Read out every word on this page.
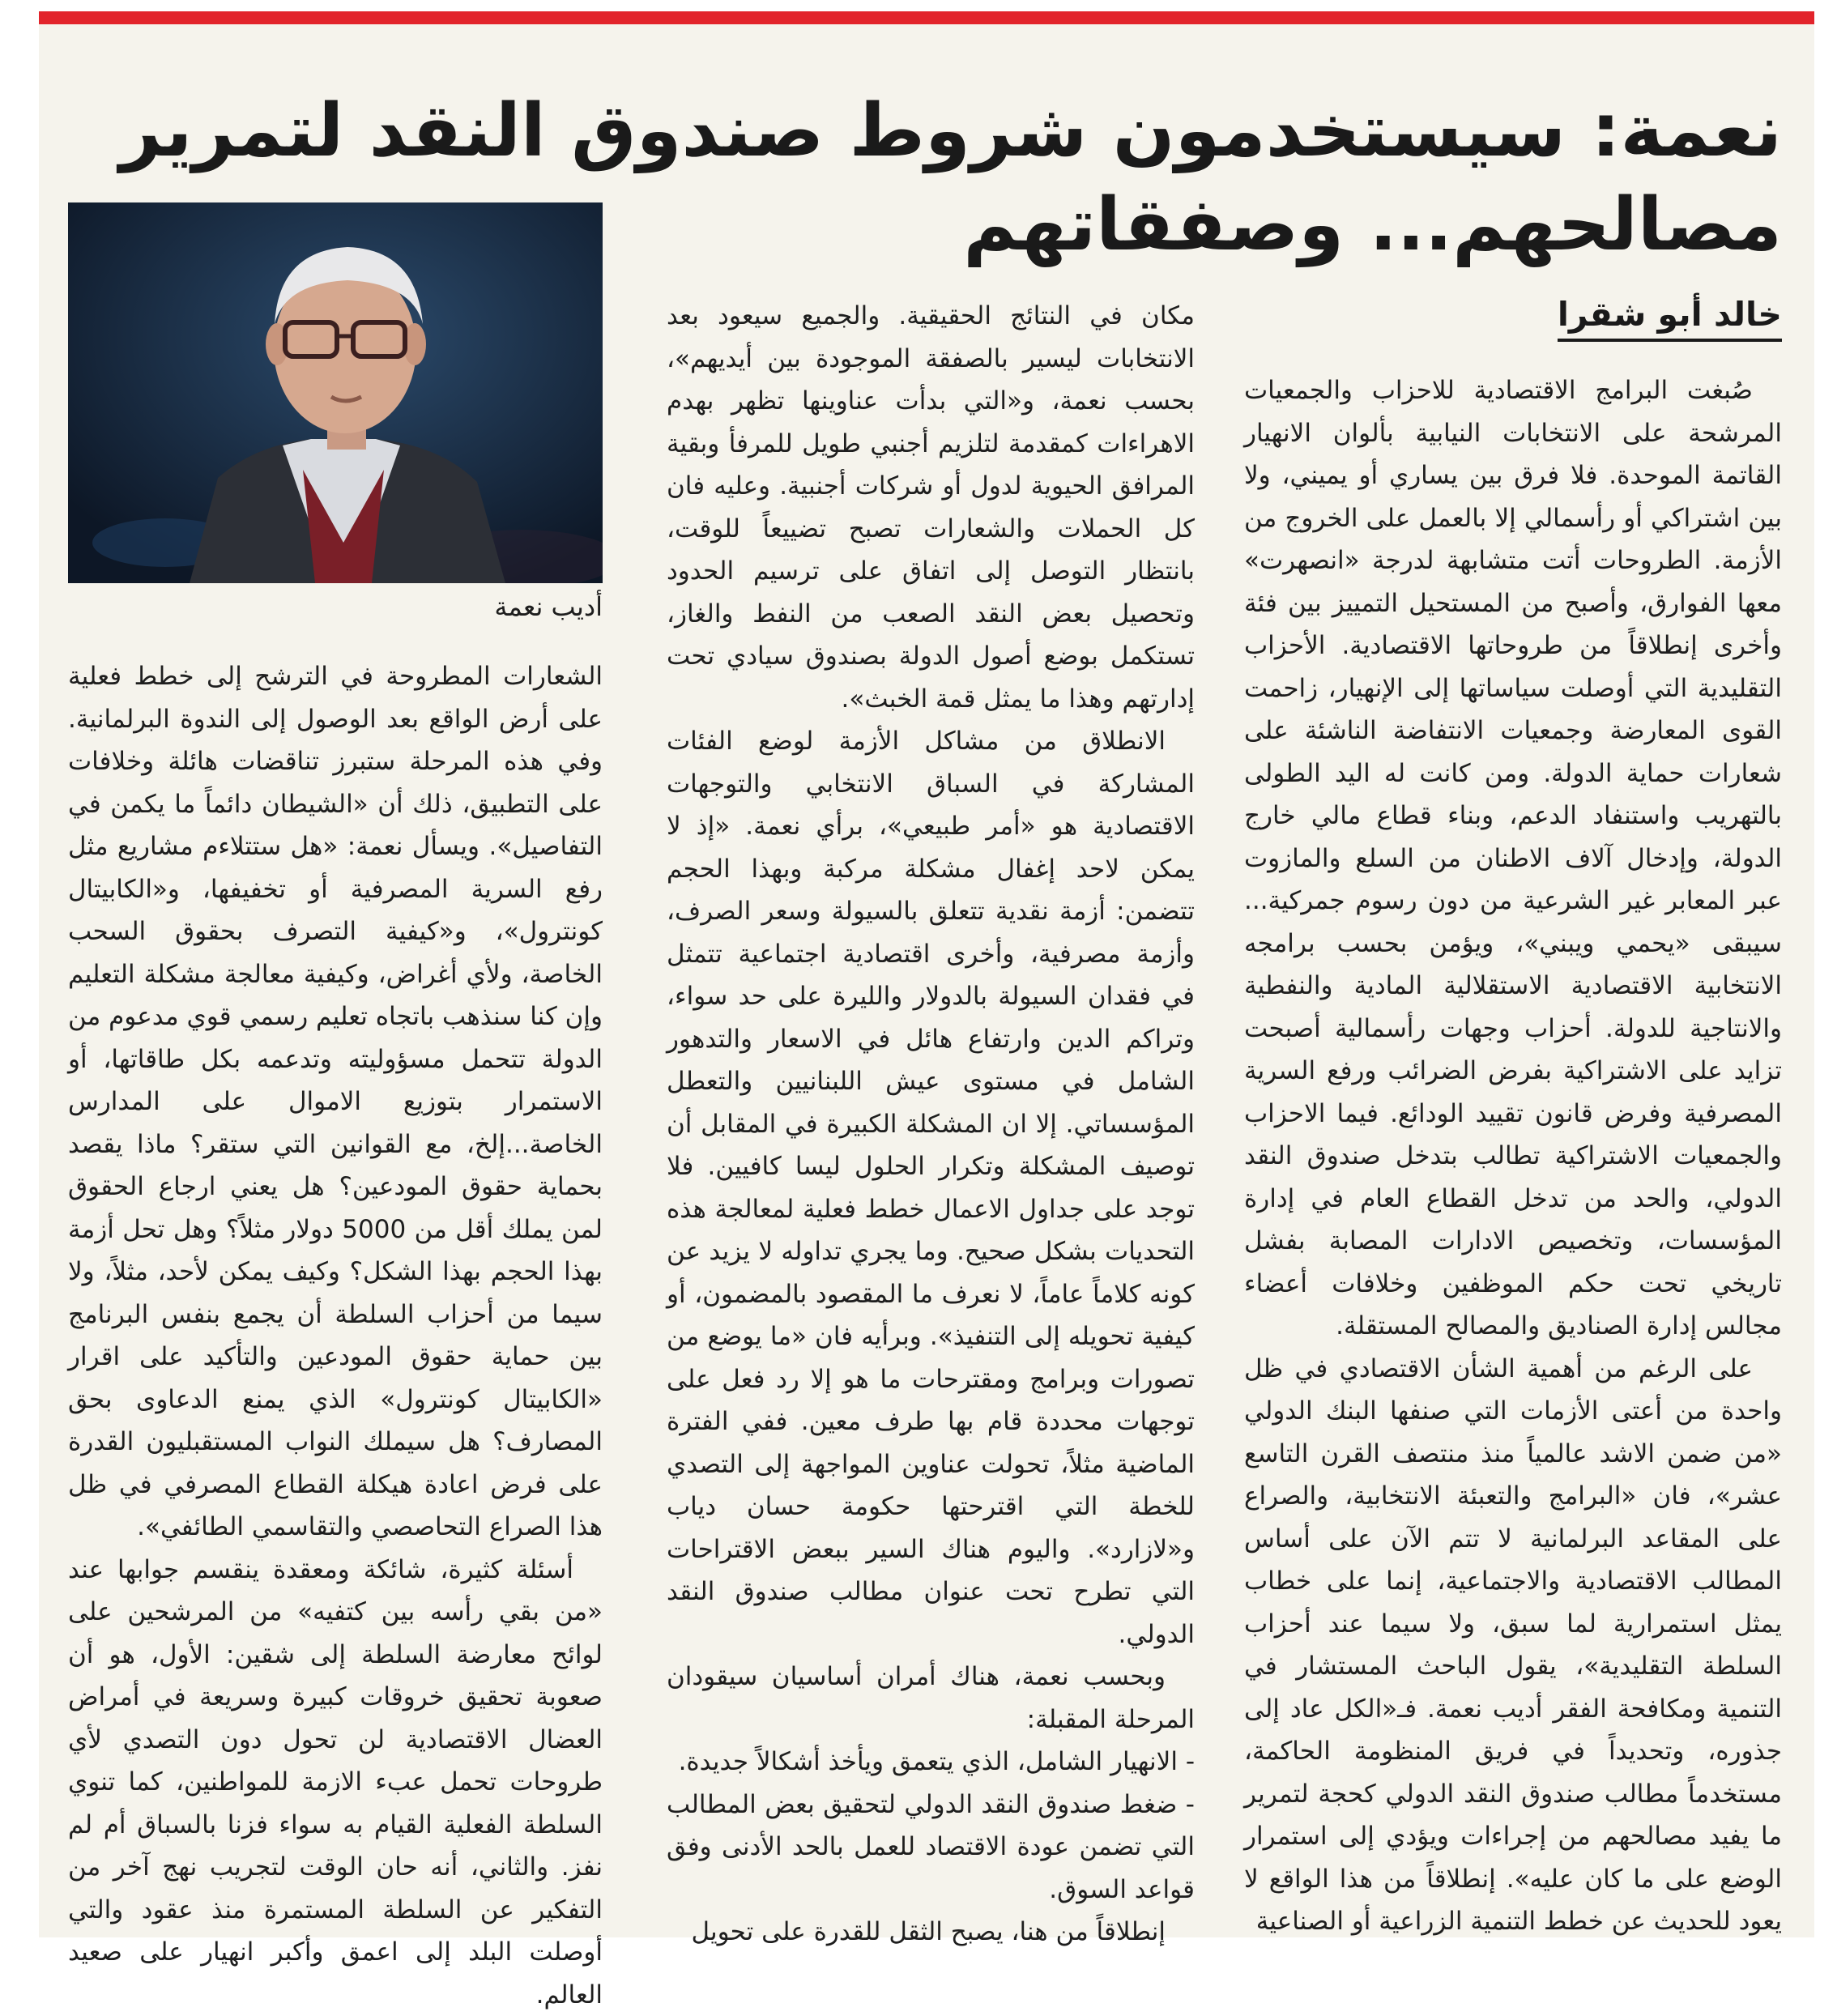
نعمة: سيستخدمون شروط صندوق النقد لتمرير مصالحهم... وصفقاتهم
خالد أبو شقرا
أديب نعمة

صُبغت البرامج الاقتصادية للاحزاب والجمعيات المرشحة على الانتخابات النيابية بألوان الانهيار القاتمة الموحدة. فلا فرق بين يساري أو يميني، ولا بين اشتراكي أو رأسمالي إلا بالعمل على الخروج من الأزمة. الطروحات أتت متشابهة لدرجة «انصهرت» معها الفوارق، وأصبح من المستحيل التمييز بين فئة وأخرى إنطلاقاً من طروحاتها الاقتصادية. الأحزاب التقليدية التي أوصلت سياساتها إلى الإنهيار، زاحمت القوى المعارضة وجمعيات الانتفاضة الناشئة على شعارات حماية الدولة. ومن كانت له اليد الطولى بالتهريب واستنفاد الدعم، وبناء قطاع مالي خارج الدولة، وإدخال آلاف الاطنان من السلع والمازوت عبر المعابر غير الشرعية من دون رسوم جمركية... سيبقى «يحمي ويبني»، ويؤمن بحسب برامجه الانتخابية الاقتصادية الاستقلالية المادية والنفطية والانتاجية للدولة. أحزاب وجهات رأسمالية أصبحت تزايد على الاشتراكية بفرض الضرائب ورفع السرية المصرفية وفرض قانون تقييد الودائع. فيما الاحزاب والجمعيات الاشتراكية تطالب بتدخل صندوق النقد الدولي، والحد من تدخل القطاع العام في إدارة المؤسسات، وتخصيص الادارات المصابة بفشل تاريخي تحت حكم الموظفين وخلافات أعضاء مجالس إدارة الصناديق والمصالح المستقلة.

على الرغم من أهمية الشأن الاقتصادي في ظل واحدة من أعتى الأزمات التي صنفها البنك الدولي «من ضمن الاشد عالمياً منذ منتصف القرن التاسع عشر»، فان «البرامج والتعبئة الانتخابية، والصراع على المقاعد البرلمانية لا تتم الآن على أساس المطالب الاقتصادية والاجتماعية، إنما على خطاب يمثل استمرارية لما سبق، ولا سيما عند أحزاب السلطة التقليدية»، يقول الباحث المستشار في التنمية ومكافحة الفقر أديب نعمة. فـ«الكل عاد إلى جذوره، وتحديداً في فريق المنظومة الحاكمة، مستخدماً مطالب صندوق النقد الدولي كحجة لتمرير ما يفيد مصالحهم من إجراءات ويؤدي إلى استمرار الوضع على ما كان عليه». إنطلاقاً من هذا الواقع لا يعود للحديث عن خطط التنمية الزراعية أو الصناعية

مكان في النتائج الحقيقية. والجميع سيعود بعد الانتخابات ليسير بالصفقة الموجودة بين أيديهم»، بحسب نعمة، و«التي بدأت عناوينها تظهر بهدم الاهراءات كمقدمة لتلزيم أجنبي طويل للمرفأ وبقية المرافق الحيوية لدول أو شركات أجنبية. وعليه فان كل الحملات والشعارات تصبح تضييعاً للوقت، بانتظار التوصل إلى اتفاق على ترسيم الحدود وتحصيل بعض النقد الصعب من النفط والغاز، تستكمل بوضع أصول الدولة بصندوق سيادي تحت إدارتهم وهذا ما يمثل قمة الخبث».

الانطلاق من مشاكل الأزمة لوضع الفئات المشاركة في السباق الانتخابي والتوجهات الاقتصادية هو «أمر طبيعي»، برأي نعمة. «إذ لا يمكن لاحد إغفال مشكلة مركبة وبهذا الحجم تتضمن: أزمة نقدية تتعلق بالسيولة وسعر الصرف، وأزمة مصرفية، وأخرى اقتصادية اجتماعية تتمثل في فقدان السيولة بالدولار والليرة على حد سواء، وتراكم الدين وارتفاع هائل في الاسعار والتدهور الشامل في مستوى عيش اللبنانيين والتعطل المؤسساتي. إلا ان المشكلة الكبيرة في المقابل أن توصيف المشكلة وتكرار الحلول ليسا كافيين. فلا توجد على جداول الاعمال خطط فعلية لمعالجة هذه التحديات بشكل صحيح. وما يجري تداوله لا يزيد عن كونه كلاماً عاماً، لا نعرف ما المقصود بالمضمون، أو كيفية تحويله إلى التنفيذ». وبرأيه فان «ما يوضع من تصورات وبرامج ومقترحات ما هو إلا رد فعل على توجهات محددة قام بها طرف معين. ففي الفترة الماضية مثلاً، تحولت عناوين المواجهة إلى التصدي للخطة التي اقترحتها حكومة حسان دياب و«لازارد». واليوم هناك السير ببعض الاقتراحات التي تطرح تحت عنوان مطالب صندوق النقد الدولي.

وبحسب نعمة، هناك أمران أساسيان سيقودان المرحلة المقبلة:

- الانهيار الشامل، الذي يتعمق ويأخذ أشكالاً جديدة.

- ضغط صندوق النقد الدولي لتحقيق بعض المطالب التي تضمن عودة الاقتصاد للعمل بالحد الأدنى وفق قواعد السوق.

إنطلاقاً من هنا، يصبح الثقل للقدرة على تحويل

الشعارات المطروحة في الترشح إلى خطط فعلية على أرض الواقع بعد الوصول إلى الندوة البرلمانية. وفي هذه المرحلة ستبرز تناقضات هائلة وخلافات على التطبيق، ذلك أن «الشيطان دائماً ما يكمن في التفاصيل». ويسأل نعمة: «هل ستتلاءم مشاريع مثل رفع السرية المصرفية أو تخفيفها، و«الكابيتال كونترول»، و«كيفية التصرف بحقوق السحب الخاصة، ولأي أغراض، وكيفية معالجة مشكلة التعليم وإن كنا سنذهب باتجاه تعليم رسمي قوي مدعوم من الدولة تتحمل مسؤوليته وتدعمه بكل طاقاتها، أو الاستمرار بتوزيع الاموال على المدارس الخاصة...إلخ، مع القوانين التي ستقر؟ ماذا يقصد بحماية حقوق المودعين؟ هل يعني ارجاع الحقوق لمن يملك أقل من 5000 دولار مثلاً؟ وهل تحل أزمة بهذا الحجم بهذا الشكل؟ وكيف يمكن لأحد، مثلاً، ولا سيما من أحزاب السلطة أن يجمع بنفس البرنامج بين حماية حقوق المودعين والتأكيد على اقرار «الكابيتال كونترول» الذي يمنع الدعاوى بحق المصارف؟ هل سيملك النواب المستقبليون القدرة على فرض اعادة هيكلة القطاع المصرفي في ظل هذا الصراع التحاصصي والتقاسمي الطائفي».

أسئلة كثيرة، شائكة ومعقدة ينقسم جوابها عند «من بقي رأسه بين كتفيه» من المرشحين على لوائح معارضة السلطة إلى شقين: الأول، هو أن صعوبة تحقيق خروقات كبيرة وسريعة في أمراض العضال الاقتصادية لن تحول دون التصدي لأي طروحات تحمل عبء الازمة للمواطنين، كما تنوي السلطة الفعلية القيام به سواء فزنا بالسباق أم لم نفز. والثاني، أنه حان الوقت لتجريب نهج آخر من التفكير عن السلطة المستمرة منذ عقود والتي أوصلت البلد إلى اعمق وأكبر انهيار على صعيد العالم.
